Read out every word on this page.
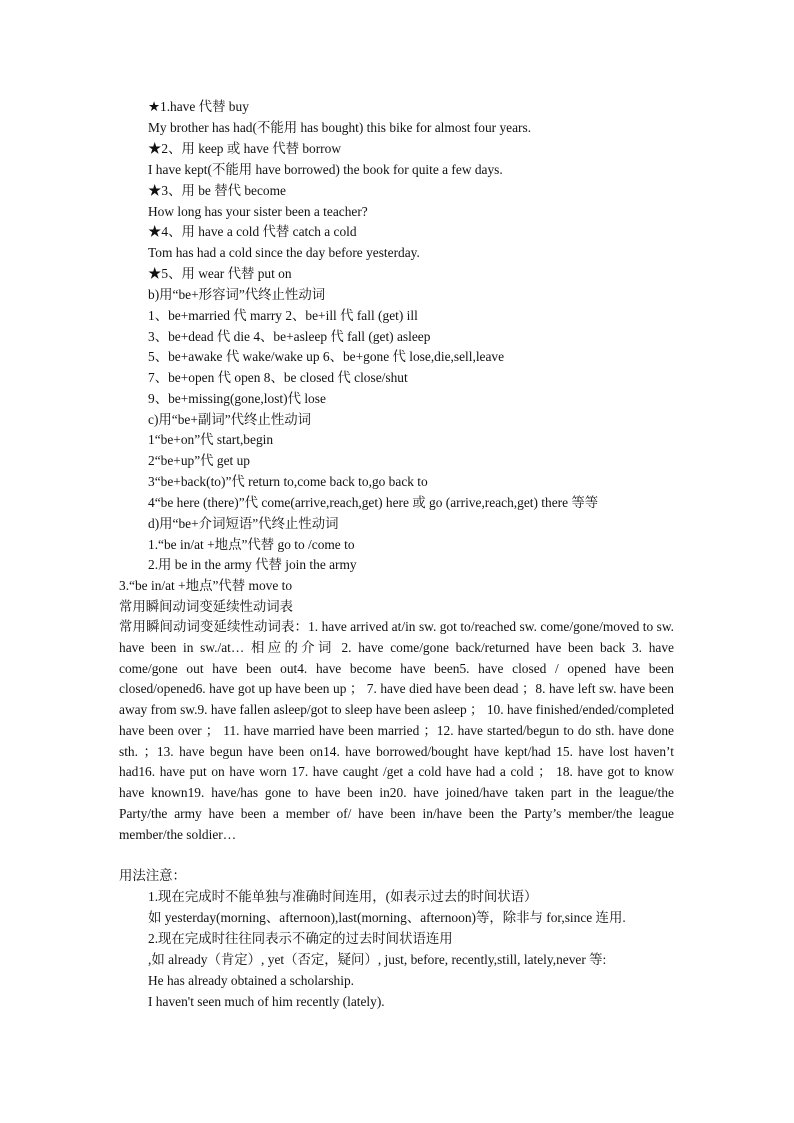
★1.have 代替 buy
My brother has had(不能用 has bought) this bike for almost four years.
★2、用 keep 或 have 代替 borrow
I have kept(不能用 have borrowed) the book for quite a few days.
★3、用 be 替代 become
How long has your sister been a teacher?
★4、用 have a cold 代替 catch a cold
Tom has had a cold since the day before yesterday.
★5、用 wear 代替 put on
b)用“be+形容词”代终止性动词
1、be+married 代 marry 2、be+ill 代 fall (get) ill
3、be+dead 代 die 4、be+asleep 代 fall (get) asleep
5、be+awake 代 wake/wake up 6、be+gone 代 lose,die,sell,leave
7、be+open 代 open 8、be closed 代 close/shut
9、be+missing(gone,lost)代 lose
c)用“be+副词”代终止性动词
1“be+on”代 start,begin
2“be+up”代 get up
3“be+back(to)”代 return to,come back to,go back to
4“be here (there)”代 come(arrive,reach,get) here 或 go (arrive,reach,get) there 等等
d)用“be+介词短语”代终止性动词
1.“be in/at +地点”代替 go to /come to
2.用 be in the army 代替 join the army
3.“be in/at +地点”代替 move to
常用瞬间动词变延续性动词表
常用瞬间动词变延续性动词表：1. have arrived at/in sw. got to/reached sw. come/gone/moved to sw. have been in sw./at… 相应的介词 2. have come/gone back/returned have been back 3. have come/gone out have been out4. have become have been5. have closed / opened have been closed/opened6. have got up have been up ； 7. have died have been dead ；8. have left sw. have been away from sw.9. have fallen asleep/got to sleep have been asleep ； 10. have finished/ended/completed have been over ； 11. have married have been married ；12. have started/begun to do sth. have done sth. ；13. have begun have been on14. have borrowed/bought have kept/had 15. have lost haven’t had16. have put on have worn 17. have caught /get a cold have had a cold ； 18. have got to know have known19. have/has gone to have been in20. have joined/have taken part in the league/the Party/the army have been a member of/ have been in/have been the Party’s member/the league member/the soldier…
用法注意：
1.现在完成时不能单独与准确时间连用，(如表示过去的时间状语）
如 yesterday(morning、afternoon),last(morning、afternoon)等，除非与 for,since 连用.
2.现在完成时往往同表示不确定的过去时间状语连用
,如 already（肯定）, yet（否定，疑问）, just, before, recently,still, lately,never 等:
He has already obtained a scholarship.
I haven't seen much of him recently (lately).
